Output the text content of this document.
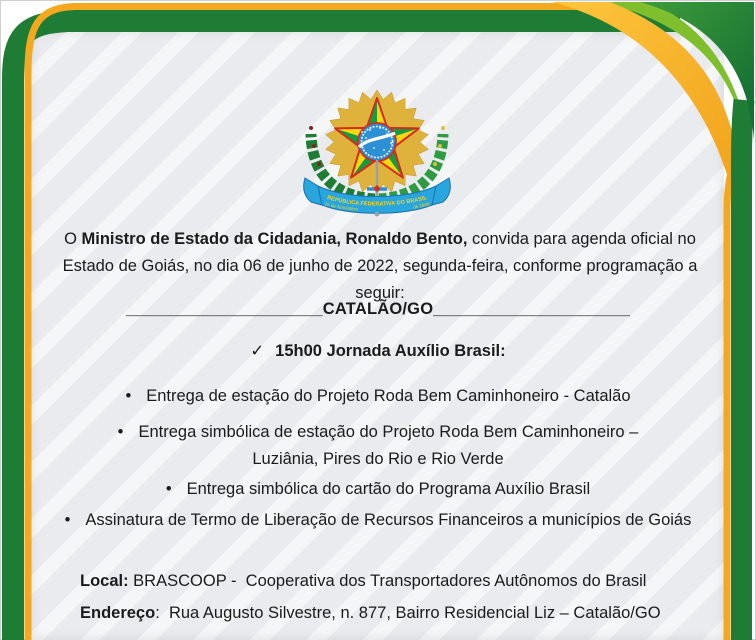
REPÚBLICA FEDERATIVA DO BRASIL
15 de Novembro	de 1889

O Ministro de Estado da Cidadania, Ronaldo Bento, convida para agenda oficial no Estado de Goiás, no dia 06 de junho de 2022, segunda-feira, conforme programação a seguir:

_____________________CATALÃO/GO_____________________
✓ 15h00 Jornada Auxílio Brasil:
• Entrega de estação do Projeto Roda Bem Caminhoneiro - Catalão
• Entrega simbólica de estação do Projeto Roda Bem Caminhoneiro –
Luziânia, Pires do Rio e Rio Verde
• Entrega simbólica do cartão do Programa Auxílio Brasil
• Assinatura de Termo de Liberação de Recursos Financeiros a municípios de Goiás
Local: BRASCOOP -  Cooperativa dos Transportadores Autônomos do Brasil
Endereço:  Rua Augusto Silvestre, n. 877, Bairro Residencial Liz – Catalão/GO
